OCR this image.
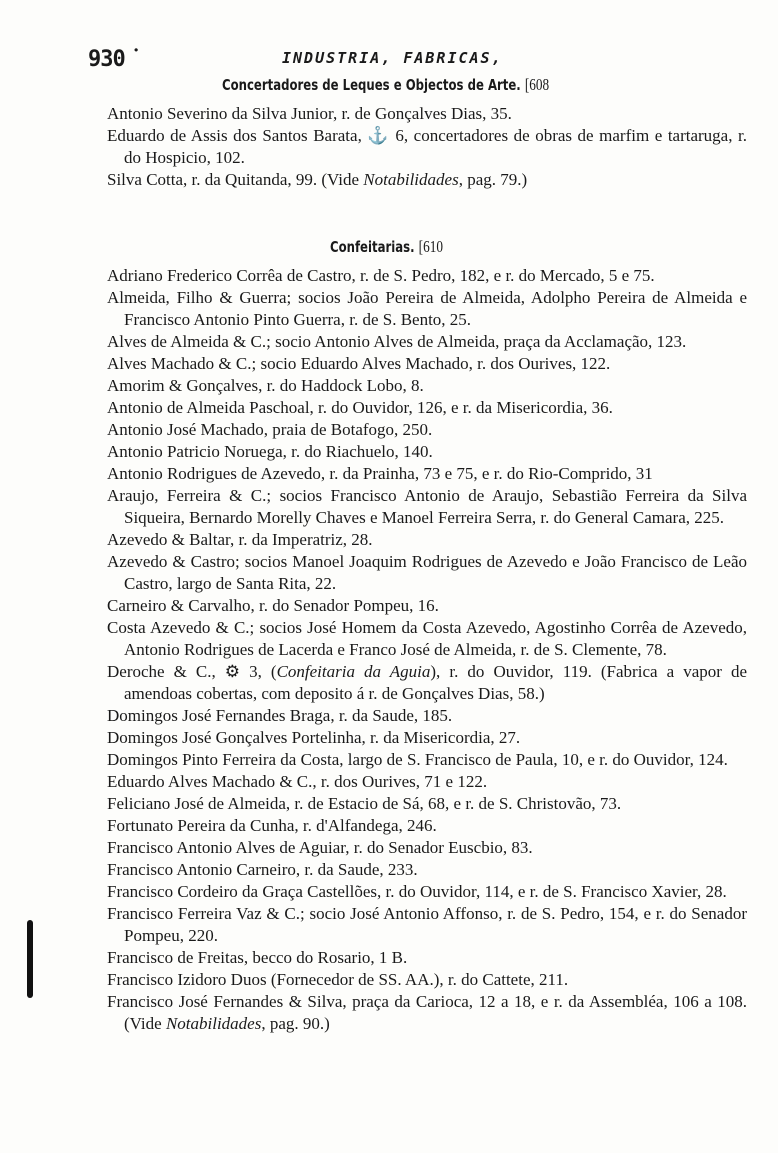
930 ·	INDUSTRIA, FABRICAS,
Concertadores de Leques e Objectos de Arte. [608
Antonio Severino da Silva Junior, r. de Gonçalves Dias, 35.
Eduardo de Assis dos Santos Barata, ⚓ 6, concertadores de obras de marfim e tartaruga, r. do Hospicio, 102.
Silva Cotta, r. da Quitanda, 99. (Vide Notabilidades, pag. 79.)
Confeitarias. [610
Adriano Frederico Corrêa de Castro, r. de S. Pedro, 182, e r. do Mercado, 5 e 75.
Almeida, Filho & Guerra; socios João Pereira de Almeida, Adolpho Pereira de Almeida e Francisco Antonio Pinto Guerra, r. de S. Bento, 25.
Alves de Almeida & C.; socio Antonio Alves de Almeida, praça da Acclamação, 123.
Alves Machado & C.; socio Eduardo Alves Machado, r. dos Ourives, 122.
Amorim & Gonçalves, r. do Haddock Lobo, 8.
Antonio de Almeida Paschoal, r. do Ouvidor, 126, e r. da Misericordia, 36.
Antonio José Machado, praia de Botafogo, 250.
Antonio Patricio Noruega, r. do Riachuelo, 140.
Antonio Rodrigues de Azevedo, r. da Prainha, 73 e 75, e r. do Rio-Comprido, 31
Araujo, Ferreira & C.; socios Francisco Antonio de Araujo, Sebastião Ferreira da Silva Siqueira, Bernardo Morelly Chaves e Manoel Ferreira Serra, r. do General Camara, 225.
Azevedo & Baltar, r. da Imperatriz, 28.
Azevedo & Castro; socios Manoel Joaquim Rodrigues de Azevedo e João Francisco de Leão Castro, largo de Santa Rita, 22.
Carneiro & Carvalho, r. do Senador Pompeu, 16.
Costa Azevedo & C.; socios José Homem da Costa Azevedo, Agostinho Corrêa de Azevedo, Antonio Rodrigues de Lacerda e Franco José de Almeida, r. de S. Clemente, 78.
Deroche & C., ⚙ 3, (Confeitaria da Aguia), r. do Ouvidor, 119. (Fabrica a vapor de amendoas cobertas, com deposito á r. de Gonçalves Dias, 58.)
Domingos José Fernandes Braga, r. da Saude, 185.
Domingos José Gonçalves Portelinha, r. da Misericordia, 27.
Domingos Pinto Ferreira da Costa, largo de S. Francisco de Paula, 10, e r. do Ouvidor, 124.
Eduardo Alves Machado & C., r. dos Ourives, 71 e 122.
Feliciano José de Almeida, r. de Estacio de Sá, 68, e r. de S. Christovão, 73.
Fortunato Pereira da Cunha, r. d'Alfandega, 246.
Francisco Antonio Alves de Aguiar, r. do Senador Euscbio, 83.
Francisco Antonio Carneiro, r. da Saude, 233.
Francisco Cordeiro da Graça Castellões, r. do Ouvidor, 114, e r. de S. Francisco Xavier, 28.
Francisco Ferreira Vaz & C.; socio José Antonio Affonso, r. de S. Pedro, 154, e r. do Senador Pompeu, 220.
Francisco de Freitas, becco do Rosario, 1 B.
Francisco Izidoro Duos (Fornecedor de SS. AA.), r. do Cattete, 211.
Francisco José Fernandes & Silva, praça da Carioca, 12 a 18, e r. da Assembléa, 106 a 108. (Vide Notabilidades, pag. 90.)
